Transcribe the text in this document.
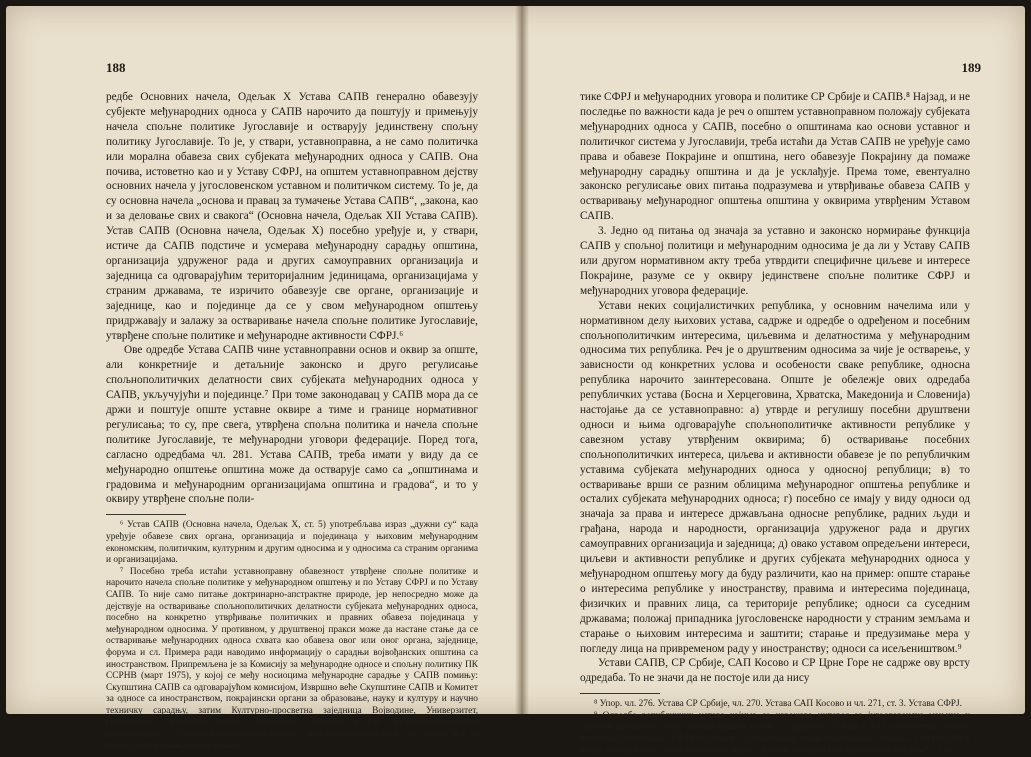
188

редбе Основних начела, Одељак X Устава САПВ генерално обавезују субјекте међународних односа у САПВ нарочито да поштују и примењују начела спољне политике Југославије и остварују јединствену спољну политику Југославије. То је, у ствари, уставноправна, а не само политичка или морална обавеза свих субјеката међународних односа у САПВ. Она почива, истоветно као и у Уставу СФРЈ, на општем уставноправном дејству основних начела у југословенском уставном и политичком систему. То је, да су основна начела „основа и правац за тумачење Устава САПВ“, „закона, као и за деловање свих и свакога“ (Основна начела, Одељак XII Устава САПВ). Устав САПВ (Основна начела, Одељак X) посебно уређује и, у ствари, истиче да САПВ подстиче и усмерава међународну сарадњу општина, организација удруженог рада и других самоуправних организација и заједница са одговарајућим територијалним јединицама, организацијама у страним државама, те изричито обавезује све органе, организације и заједнице, као и појединце да се у свом међународном општењу придржавају и залажу за остваривање начела спољне политике Југославије, утврђене спољне политике и међународне активности СФРЈ.⁶

Ове одредбе Устава САПВ чине уставноправни основ и оквир за опште, али конкретније и детаљније законско и друго регулисање спољнополитичких делатности свих субјеката међународних односа у САПВ, укључујући и појединце.⁷ При томе законодавац у САПВ мора да се држи и поштује опште уставне оквире а тиме и границе нормативног регулисања; то су, пре свега, утврђена спољна политика и начела спољне политике Југославије, те међународни уговори федерације. Поред тога, сагласно одредбама чл. 281. Устава САПВ, треба имати у виду да се међународно општење општина може да остварује само са „општинама и градовима и међународним организацијама општина и градова“, и то у оквиру утврђене спољне поли-

⁶ Устав САПВ (Основна начела, Одељак X, ст. 5) употребљава израз „дужни су“ када уређује обавезе свих органа, организација и појединаца у њиховим међународним економским, политичким, културним и другим односима и у односима са страним органима и организацијама.

⁷ Посебно треба истаћи уставноправну обавезност утврђене спољне политике и нарочито начела спољне политике у међународном општењу и по Уставу СФРЈ и по Уставу САПВ. То није само питање доктринарно-апстрактне природе, јер непосредно може да дејствује на остваривање спољнополитичких делатности субјеката међународних односа, посебно на конкретно утврђивање политичких и правних обавеза појединаца у међународном односима. У противном, у друштвеној пракси може да настане стање да се остваривање међународних односа схвата као обавеза овог или оног органа, заједнице, форума и сл. Примера ради наводимо информацију о сарадњи војвођанских општина са иностранством. Припремљена је за Комисију за међународне односе и спољну политику ПК ССРНВ (март 1975), у којој се међу носиоцима међународне сарадње у САПВ помињу: Скупштина САПВ са одговарајућом комисијом, Извршно веће Скупштине САПВ и Комитет за односе са иностранством, покрајински органи за образовање, науку и културу и научно техничку сарадњу, затим Културно-просветна заједница Војводине, Универзитет, Покрајинска привредна комора, интересне заједнице и све друштвено-политичке организације. — Уочавање обавеза појединаца у међународном општењу од значаја је и за праксу остваривања самоуправне.

189

тике СФРЈ и међународних уговора и политике СР Србије и САПВ.⁸ Најзад, и не последње по важности када је реч о општем уставноправном положају субјеката међународних односа у САПВ, посебно о општинама као основи уставног и политичког система у Југославији, треба истаћи да Устав САПВ не уређује само права и обавезе Покрајине и општина, него обавезује Покрајину да помаже међународну сарадњу општина и да је усклађује. Према томе, евентуално законско регулисање ових питања подразумева и утврђивање обавеза САПВ у остваривању међународног општења општина у оквирима утврђеним Уставом САПВ.

3. Једно од питања од значаја за уставно и законско нормирање функција САПВ у спољној политици и међународним односима је да ли у Уставу САПВ или другом нормативном акту треба утврдити специфичне циљеве и интересе Покрајине, разуме се у оквиру јединствене спољне политике СФРЈ и међународних уговора федерације.

Устави неких социјалистичких република, у основним начелима или у нормативном делу њихових устава, садрже и одредбе о одређеном и посебним спољнополитичким интересима, циљевима и делатностима у међународним односима тих република. Реч је о друштвеним односима за чије је остварење, у зависности од конкретних услова и особености сваке републике, односна република нарочито заинтересована. Опште је обележје ових одредаба републичких устава (Босна и Херцеговина, Хрватска, Македонија и Словенија) настојање да се уставноправно: а) утврде и регулишу посебни друштвени односи и њима одговарајуће спољнополитичке активности републике у савезном уставу утврђеним оквирима; б) остваривање посебних спољнополитичких интереса, циљева и активности обавезе је по републичким уставима субјеката међународних односа у односној републици; в) то остваривање врши се разним облицима међународног општења републике и осталих субјеката међународних односа; г) посебно се имају у виду односи од значаја за права и интересе држављана односне републике, радних људи и грађана, народа и народности, организација удруженог рада и других самоуправних организација и заједница; д) овако уставом опредељени интереси, циљеви и активности републике и других субјеката међународних односа у међународном општењу могу да буду различити, као на пример: опште старање о интересима републике у иностранству, правима и интересима појединаца, физичких и правних лица, са територије републике; односи са суседним државама; положај припадника југословенске народности у страним земљама и старање о њиховим интересима и заштити; старање и предузимање мера у погледу лица на привременом раду у иностранству; односи са исељеништвом.⁹

Устави САПВ, СР Србије, САП Косово и СР Црне Горе не садрже ову врсту одредаба. То не значи да не постоје или да нису

⁸ Упор. чл. 276. Устава СР Србије, чл. 270. Устава САП Косово и чл. 271, ст. 3. Устава СФРЈ.

⁹ Одредбе републичких устава којима се изражава интерес за југословенске мањине у страним државама имају уставноправни основ у одредбама Устава СФРЈ о начелима спољне политике Југославије (СФРЈ се залаже „за поштовање права националних мањина, укључујући и права делова народа Југославије који живе у другим земљама као националне мањине“). То је
